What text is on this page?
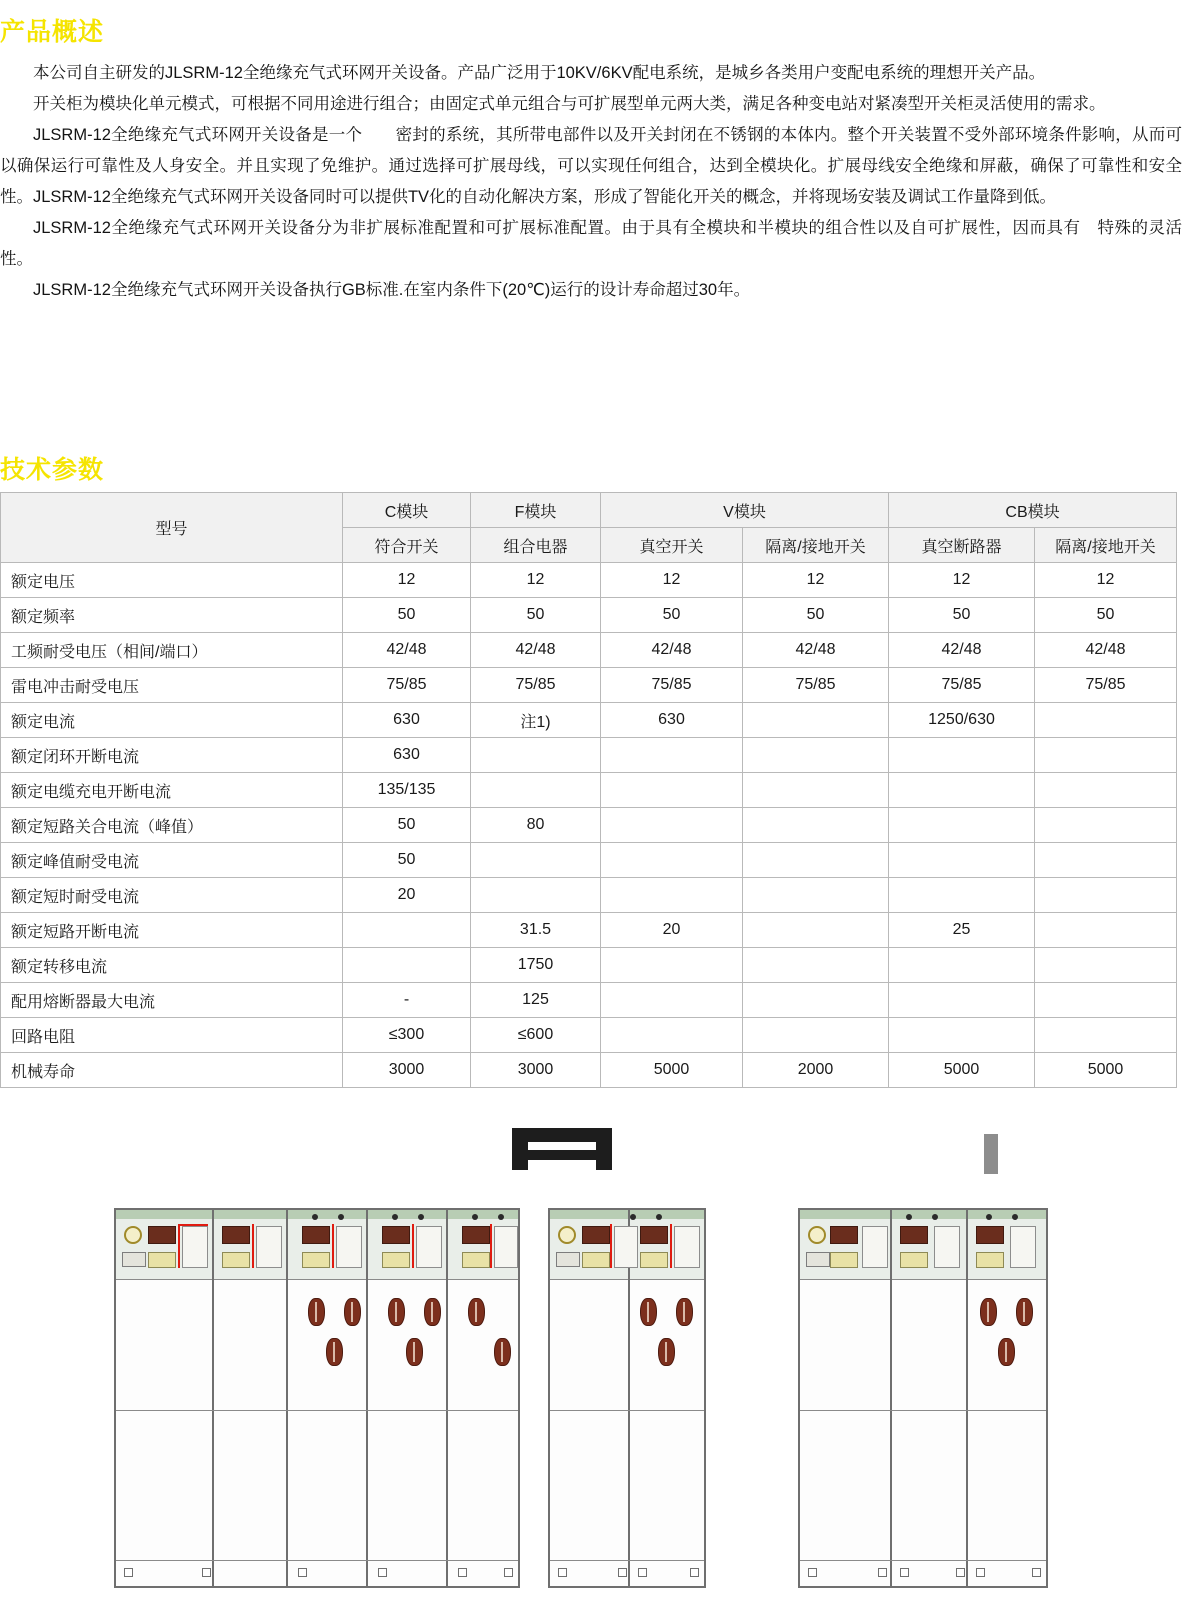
产品概述

本公司自主研发的JLSRM-12全绝缘充气式环网开关设备。产品广泛用于10KV/6KV配电系统，是城乡各类用户变配电系统的理想开关产品。

开关柜为模块化单元模式，可根据不同用途进行组合；由固定式单元组合与可扩展型单元两大类，满足各种变电站对紧凑型开关柜灵活使用的需求。

JLSRM-12全绝缘充气式环网开关设备是一个　　密封的系统，其所带电部件以及开关封闭在不锈钢的本体内。整个开关装置不受外部环境条件影响，从而可以确保运行可靠性及人身安全。并且实现了免维护。通过选择可扩展母线，可以实现任何组合，达到全模块化。扩展母线安全绝缘和屏蔽，确保了可靠性和安全性。JLSRM-12全绝缘充气式环网开关设备同时可以提供TV化的自动化解决方案，形成了智能化开关的概念，并将现场安装及调试工作量降到低。

JLSRM-12全绝缘充气式环网开关设备分为非扩展标准配置和可扩展标准配置。由于具有全模块和半模块的组合性以及自可扩展性，因而具有　特殊的灵活性。

JLSRM-12全绝缘充气式环网开关设备执行GB标准.在室内条件下(20℃)运行的设计寿命超过30年。

技术参数
型号	C模块	F模块	V模块		CB模块	
	符合开关	组合电器	真空开关	隔离/接地开关	真空断路器	隔离/接地开关
额定电压	12	12	12	12	12	12
额定频率	50	50	50	50	50	50
工频耐受电压（相间/端口）	42/48	42/48	42/48	42/48	42/48	42/48
雷电冲击耐受电压	75/85	75/85	75/85	75/85	75/85	75/85
额定电流	630	注1)	630		1250/630	
额定闭环开断电流	630					
额定电缆充电开断电流	135/135					
额定短路关合电流（峰值）	50	80				
额定峰值耐受电流	50					
额定短时耐受电流	20					
额定短路开断电流		31.5	20		25	
额定转移电流		1750				
配用熔断器最大电流	-	125				
回路电阻	≤300	≤600				
机械寿命	3000	3000	5000	2000	5000	5000
